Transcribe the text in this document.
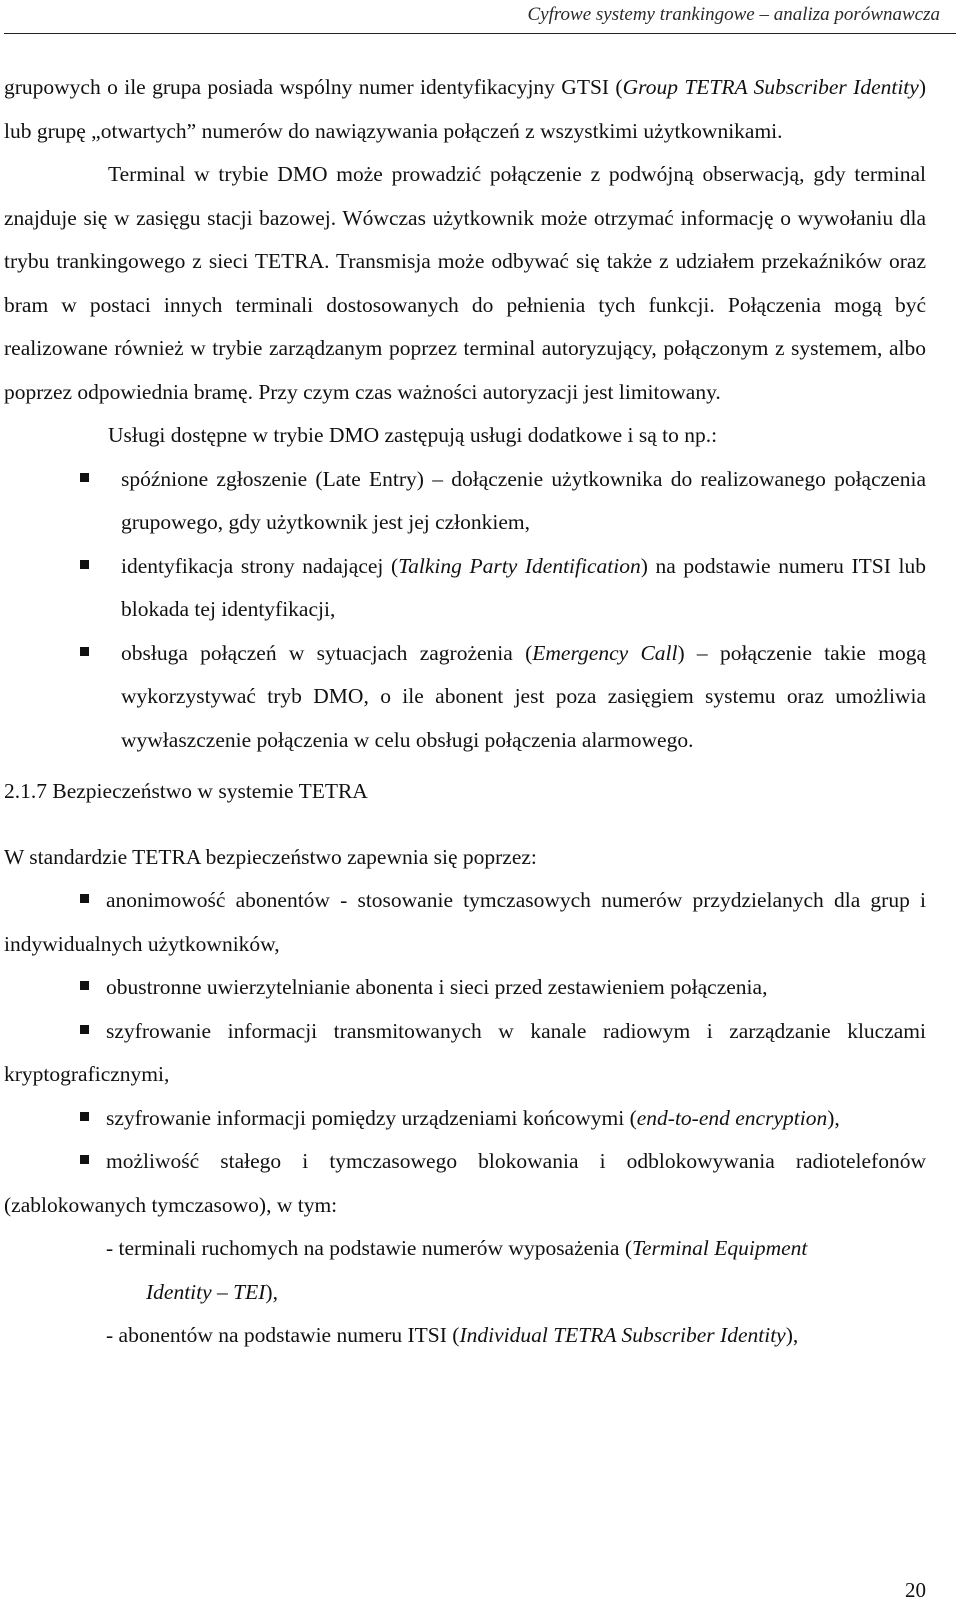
Cyfrowe systemy trankingowe – analiza porównawcza

grupowych o ile grupa posiada wspólny numer identyfikacyjny GTSI (Group TETRA Subscriber Identity) lub grupę „otwartych” numerów do nawiązywania połączeń z wszystkimi użytkownikami.

Terminal w trybie DMO może prowadzić połączenie z podwójną obserwacją, gdy terminal znajduje się w zasięgu stacji bazowej. Wówczas użytkownik może otrzymać informację o wywołaniu dla trybu trankingowego z sieci TETRA. Transmisja może odbywać się także z udziałem przekaźników oraz bram w postaci innych terminali dostosowanych do pełnienia tych funkcji. Połączenia mogą być realizowane również w trybie zarządzanym poprzez terminal autoryzujący, połączonym z systemem, albo poprzez odpowiednia bramę. Przy czym czas ważności autoryzacji jest limitowany.

Usługi dostępne w trybie DMO zastępują usługi dodatkowe i są to np.:

spóźnione zgłoszenie (Late Entry) – dołączenie użytkownika do realizowanego połączenia grupowego, gdy użytkownik jest jej członkiem,
identyfikacja strony nadającej (Talking Party Identification) na podstawie numeru ITSI lub blokada tej identyfikacji,
obsługa połączeń w sytuacjach zagrożenia (Emergency Call) – połączenie takie mogą wykorzystywać tryb DMO, o ile abonent jest poza zasięgiem systemu oraz umożliwia wywłaszczenie połączenia w celu obsługi połączenia alarmowego.

2.1.7 Bezpieczeństwo w systemie TETRA

W standardzie TETRA bezpieczeństwo zapewnia się poprzez:

anonimowość abonentów - stosowanie tymczasowych numerów przydzielanych dla grup i indywidualnych użytkowników,
obustronne uwierzytelnianie abonenta i sieci przed zestawieniem połączenia,
szyfrowanie informacji transmitowanych w kanale radiowym i zarządzanie kluczami kryptograficznymi,
szyfrowanie informacji pomiędzy urządzeniami końcowymi (end-to-end encryption),
możliwość stałego i tymczasowego blokowania i odblokowywania radiotelefonów (zablokowanych tymczasowo), w tym:

- terminali ruchomych na podstawie numerów wyposażenia (Terminal Equipment

Identity – TEI),

- abonentów na podstawie numeru ITSI (Individual TETRA Subscriber Identity),

20
